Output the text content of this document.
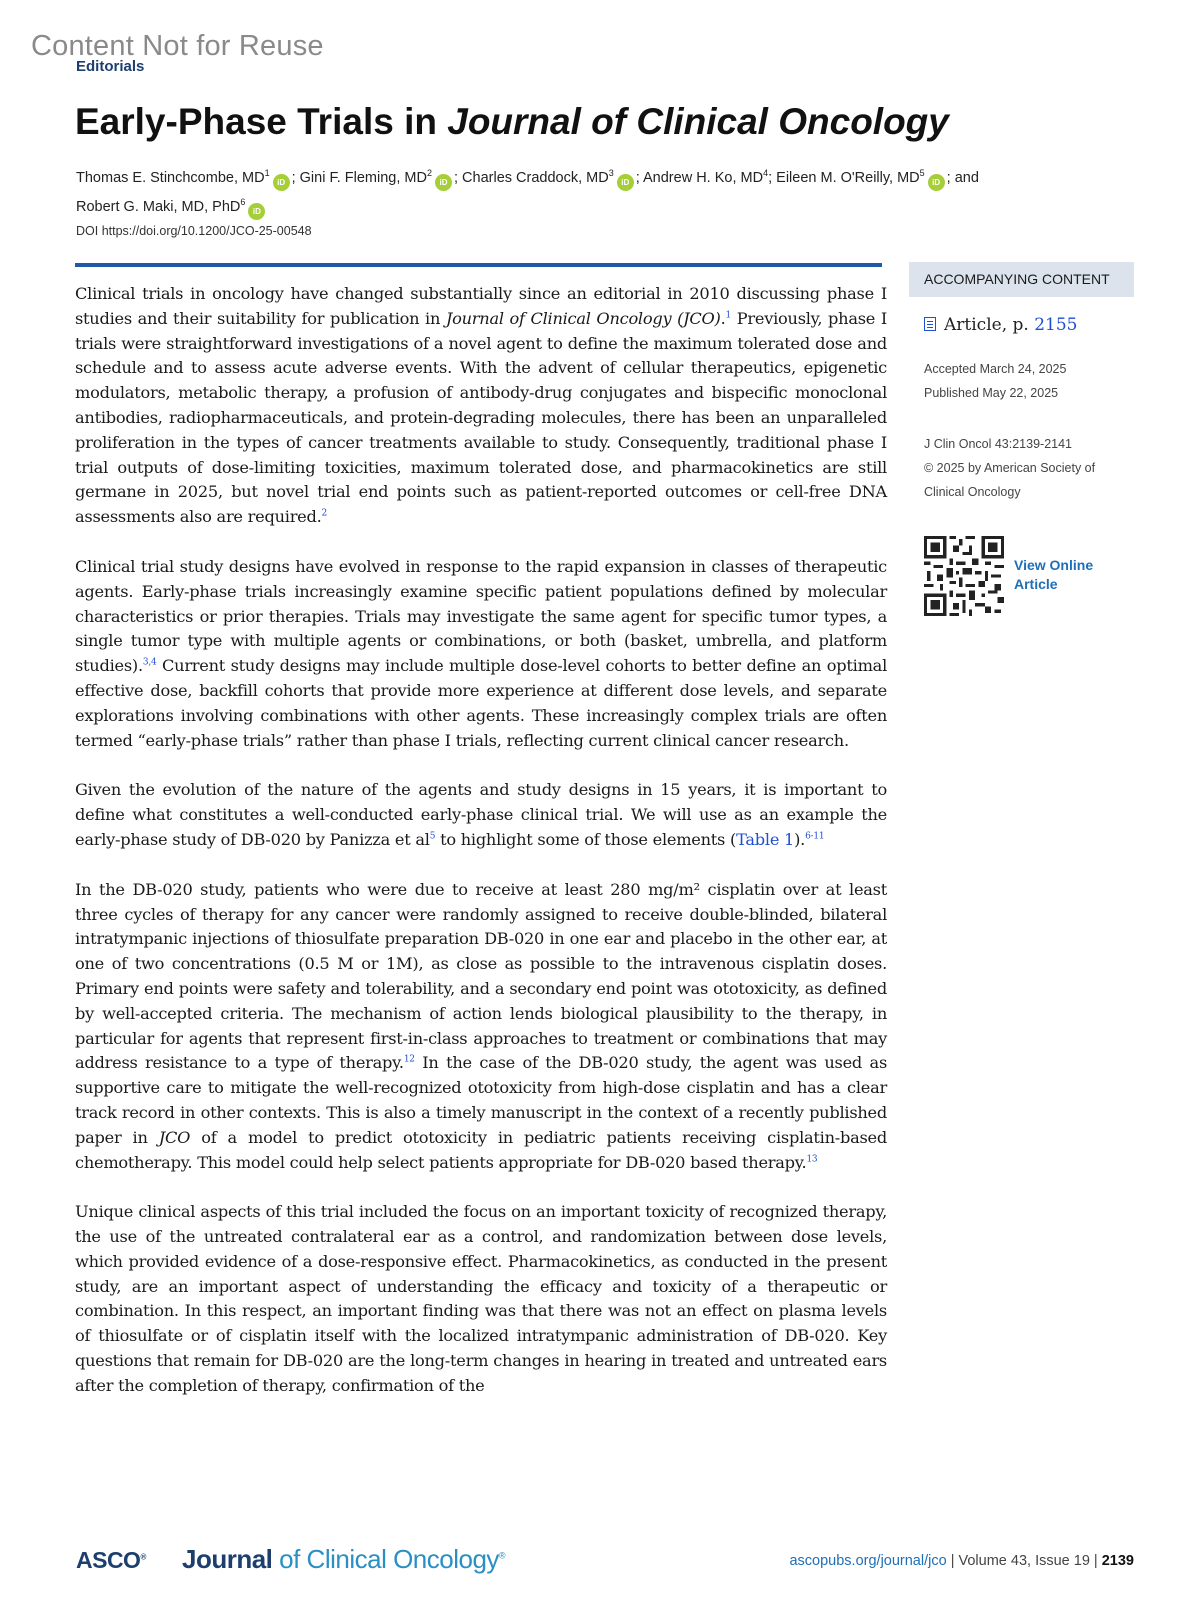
Content Not for Reuse
Editorials
Early-Phase Trials in Journal of Clinical Oncology
Thomas E. Stinchcombe, $MD^1iD$ ; Gini F. Fleming, $MD^2iD$ ; Charles Craddock, $MD^3iD$ ; Andrew H. Ko, $MD^4$; Eileen M. O'Reilly, $MD^5iD$ ; and
Robert G. Maki, MD, PhD$^6$iD
DOI https://doi.org/10.1200/JCO-25-00548

Clinical trials in oncology have changed substantially since an editorial in 2010 discussing phase I studies and their suitability for publication in Journal of Clinical Oncology (JCO).$^1$ Previously, phase I trials were straightforward investigations of a novel agent to define the maximum tolerated dose and schedule and to assess acute adverse events. With the advent of cellular therapeutics, epigenetic modulators, metabolic therapy, a profusion of antibody-drug conjugates and bispecific monoclonal antibodies, radiopharmaceuticals, and protein-degrading molecules, there has been an unparalleled proliferation in the types of cancer treatments available to study. Consequently, traditional phase I trial outputs of dose-limiting toxicities, maximum tolerated dose, and pharmacokinetics are still germane in 2025, but novel trial end points such as patient-reported outcomes or cell-free DNA assessments also are required.$^2$

Clinical trial study designs have evolved in response to the rapid expansion in classes of therapeutic agents. Early-phase trials increasingly examine specific patient populations defined by molecular characteristics or prior therapies. Trials may investigate the same agent for specific tumor types, a single tumor type with multiple agents or combinations, or both (basket, umbrella, and platform studies).$^{3,4}$ Current study designs may include multiple dose-level cohorts to better define an optimal effective dose, backfill cohorts that provide more experience at different dose levels, and separate explorations involving combinations with other agents. These increasingly complex trials are often termed “early-phase trials” rather than phase I trials, reflecting current clinical cancer research.

Given the evolution of the nature of the agents and study designs in 15 years, it is important to define what constitutes a well-conducted early-phase clinical trial. We will use as an example the early-phase study of DB-020 by Panizza et $al^5$ to highlight some of those elements (Table 1).$^{6-11}$

In the DB-020 study, patients who were due to receive at least 280 mg/m² cisplatin over at least three cycles of therapy for any cancer were randomly assigned to receive double-blinded, bilateral intratympanic injections of thiosulfate preparation DB-020 in one ear and placebo in the other ear, at one of two concentrations (0.5 M or 1M), as close as possible to the intravenous cisplatin doses. Primary end points were safety and tolerability, and a secondary end point was ototoxicity, as defined by well-accepted criteria. The mechanism of action lends biological plausibility to the therapy, in particular for agents that represent first-in-class approaches to treatment or combinations that may address resistance to a type of therapy.$^{12}$ In the case of the DB-020 study, the agent was used as supportive care to mitigate the well-recognized ototoxicity from high-dose cisplatin and has a clear track record in other contexts. This is also a timely manuscript in the context of a recently published paper in JCO of a model to predict ototoxicity in pediatric patients receiving cisplatin-based chemotherapy. This model could help select patients appropriate for DB-020 based therapy.$^{13}$

Unique clinical aspects of this trial included the focus on an important toxicity of recognized therapy, the use of the untreated contralateral ear as a control, and randomization between dose levels, which provided evidence of a dose-responsive effect. Pharmacokinetics, as conducted in the present study, are an important aspect of understanding the efficacy and toxicity of a therapeutic or combination. In this respect, an important finding was that there was not an effect on plasma levels of thiosulfate or of cisplatin itself with the localized intratympanic administration of DB-020. Key questions that remain for DB-020 are the long-term changes in hearing in treated and untreated ears after the completion of therapy, confirmation of the

ACCOMPANYING CONTENT
Article, p. 2155
Accepted March 24, 2025
Published May 22, 2025
J Clin Oncol 43:2139-2141
© 2025 by American Society of
Clinical Oncology
View Online
Article
ASCO® Journal of Clinical Oncology®	ascopubs.org/journal/jco | Volume 43, Issue 19 | 2139
